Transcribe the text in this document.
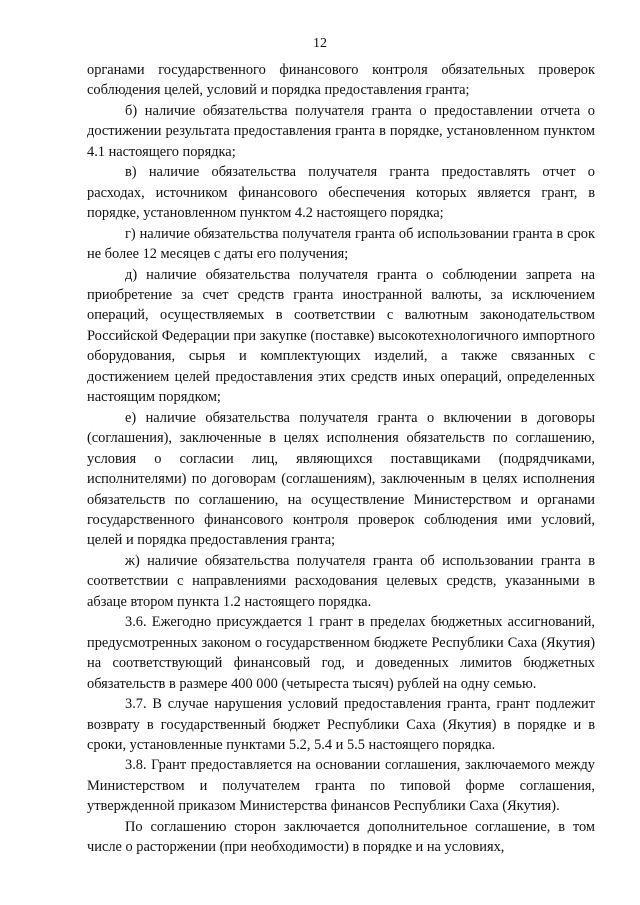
12

органами государственного финансового контроля обязательных проверок соблюдения целей, условий и порядка предоставления гранта;

б) наличие обязательства получателя гранта о предоставлении отчета о достижении результата предоставления гранта в порядке, установленном пунктом 4.1 настоящего порядка;

в) наличие обязательства получателя гранта предоставлять отчет о расходах, источником финансового обеспечения которых является грант, в порядке, установленном пунктом 4.2 настоящего порядка;

г) наличие обязательства получателя гранта об использовании гранта в срок не более 12 месяцев с даты его получения;

д) наличие обязательства получателя гранта о соблюдении запрета на приобретение за счет средств гранта иностранной валюты, за исключением операций, осуществляемых в соответствии с валютным законодательством Российской Федерации при закупке (поставке) высокотехнологичного импортного оборудования, сырья и комплектующих изделий, а также связанных с достижением целей предоставления этих средств иных операций, определенных настоящим порядком;

е) наличие обязательства получателя гранта о включении в договоры (соглашения), заключенные в целях исполнения обязательств по соглашению, условия о согласии лиц, являющихся поставщиками (подрядчиками, исполнителями) по договорам (соглашениям), заключенным в целях исполнения обязательств по соглашению, на осуществление Министерством и органами государственного финансового контроля проверок соблюдения ими условий, целей и порядка предоставления гранта;

ж) наличие обязательства получателя гранта об использовании гранта в соответствии с направлениями расходования целевых средств, указанными в абзаце втором пункта 1.2 настоящего порядка.

3.6. Ежегодно присуждается 1 грант в пределах бюджетных ассигнований, предусмотренных законом о государственном бюджете Республики Саха (Якутия) на соответствующий финансовый год, и доведенных лимитов бюджетных обязательств в размере 400 000 (четыреста тысяч) рублей на одну семью.

3.7. В случае нарушения условий предоставления гранта, грант подлежит возврату в государственный бюджет Республики Саха (Якутия) в порядке и в сроки, установленные пунктами 5.2, 5.4 и 5.5 настоящего порядка.

3.8. Грант предоставляется на основании соглашения, заключаемого между Министерством и получателем гранта по типовой форме соглашения, утвержденной приказом Министерства финансов Республики Саха (Якутия).

По соглашению сторон заключается дополнительное соглашение, в том числе о расторжении (при необходимости) в порядке и на условиях,
